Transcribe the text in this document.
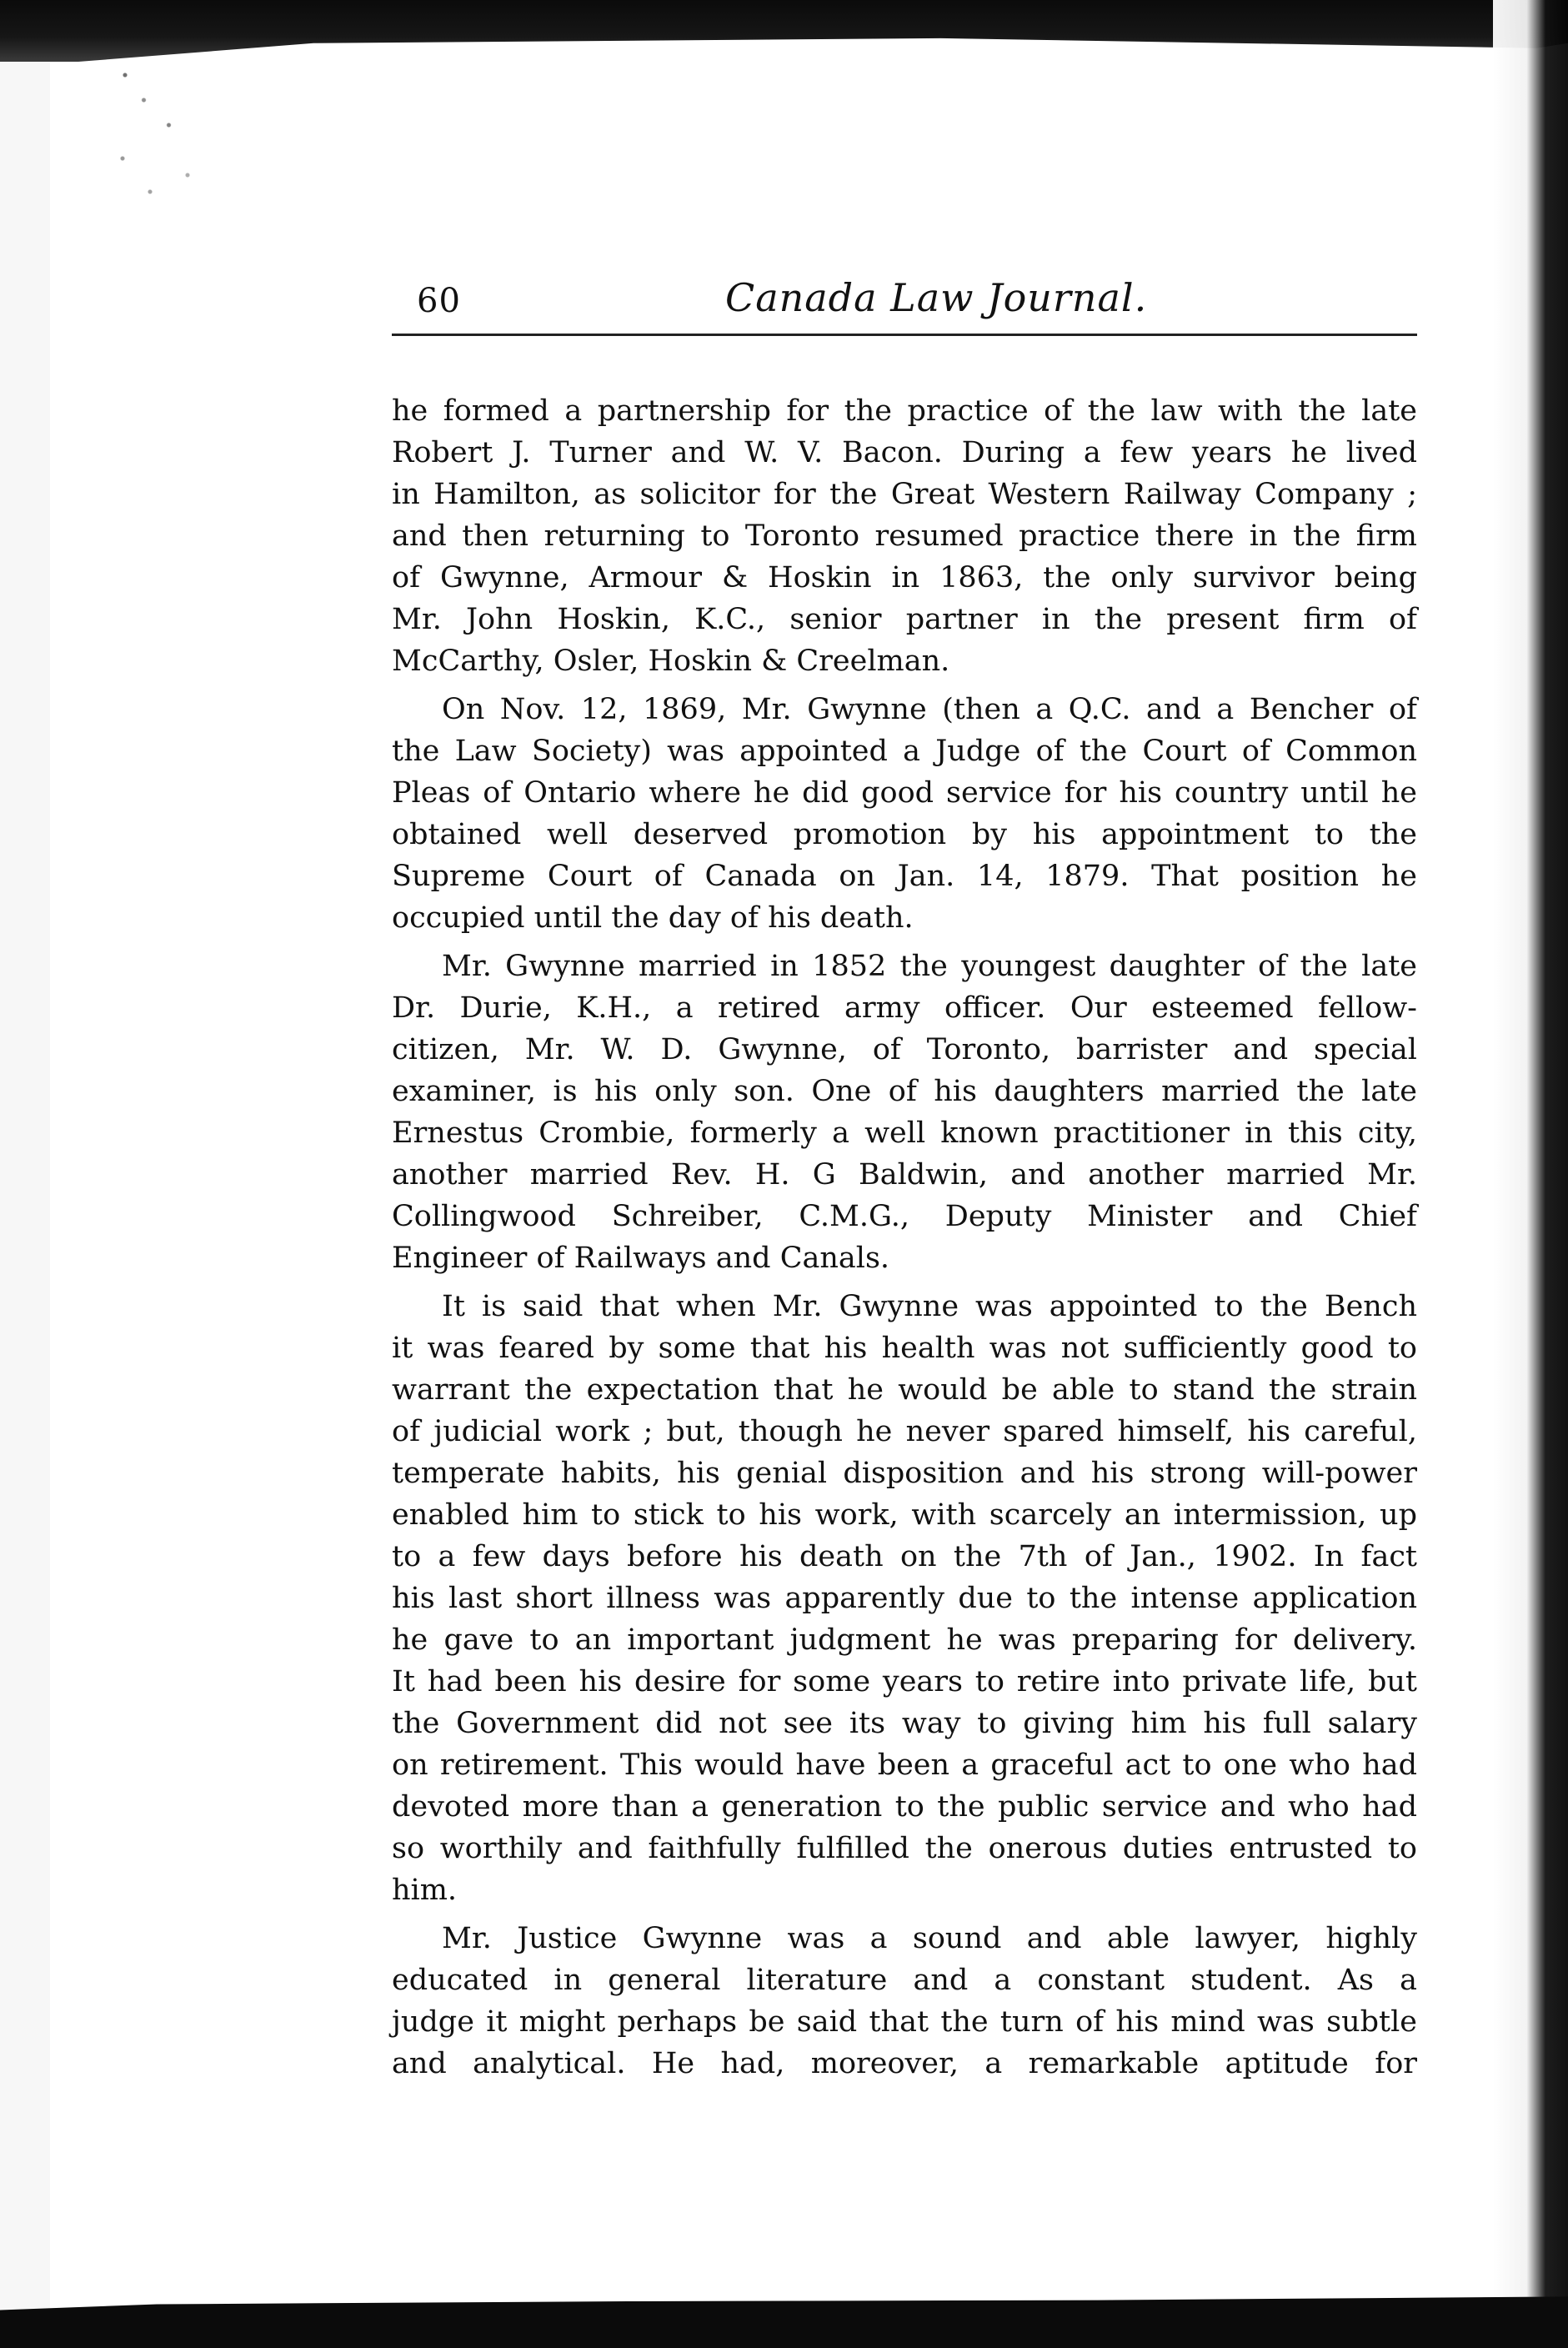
60	Canada Law Journal.
he formed a partnership for the practice of the law with the late
Robert J. Turner and W. V. Bacon. During a few years he lived
in Hamilton, as solicitor for the Great Western Railway Company ;
and then returning to Toronto resumed practice there in the firm
of Gwynne, Armour & Hoskin in 1863, the only survivor being
Mr. John Hoskin, K.C., senior partner in the present firm of
McCarthy, Osler, Hoskin & Creelman.
On Nov. 12, 1869, Mr. Gwynne (then a Q.C. and a Bencher of
the Law Society) was appointed a Judge of the Court of Common
Pleas of Ontario where he did good service for his country until he
obtained well deserved promotion by his appointment to the
Supreme Court of Canada on Jan. 14, 1879. That position he
occupied until the day of his death.
Mr. Gwynne married in 1852 the youngest daughter of the late
Dr. Durie, K.H., a retired army officer. Our esteemed fellow-
citizen, Mr. W. D. Gwynne, of Toronto, barrister and special
examiner, is his only son. One of his daughters married the late
Ernestus Crombie, formerly a well known practitioner in this city,
another married Rev. H. G Baldwin, and another married Mr.
Collingwood Schreiber, C.M.G., Deputy Minister and Chief
Engineer of Railways and Canals.
It is said that when Mr. Gwynne was appointed to the Bench
it was feared by some that his health was not sufficiently good to
warrant the expectation that he would be able to stand the strain
of judicial work ; but, though he never spared himself, his careful,
temperate habits, his genial disposition and his strong will-power
enabled him to stick to his work, with scarcely an intermission, up
to a few days before his death on the 7th of Jan., 1902. In fact
his last short illness was apparently due to the intense application
he gave to an important judgment he was preparing for delivery.
It had been his desire for some years to retire into private life, but
the Government did not see its way to giving him his full salary
on retirement. This would have been a graceful act to one who had
devoted more than a generation to the public service and who had
so worthily and faithfully fulfilled the onerous duties entrusted to
him.
Mr. Justice Gwynne was a sound and able lawyer, highly
educated in general literature and a constant student. As a
judge it might perhaps be said that the turn of his mind was subtle
and analytical. He had, moreover, a remarkable aptitude for
